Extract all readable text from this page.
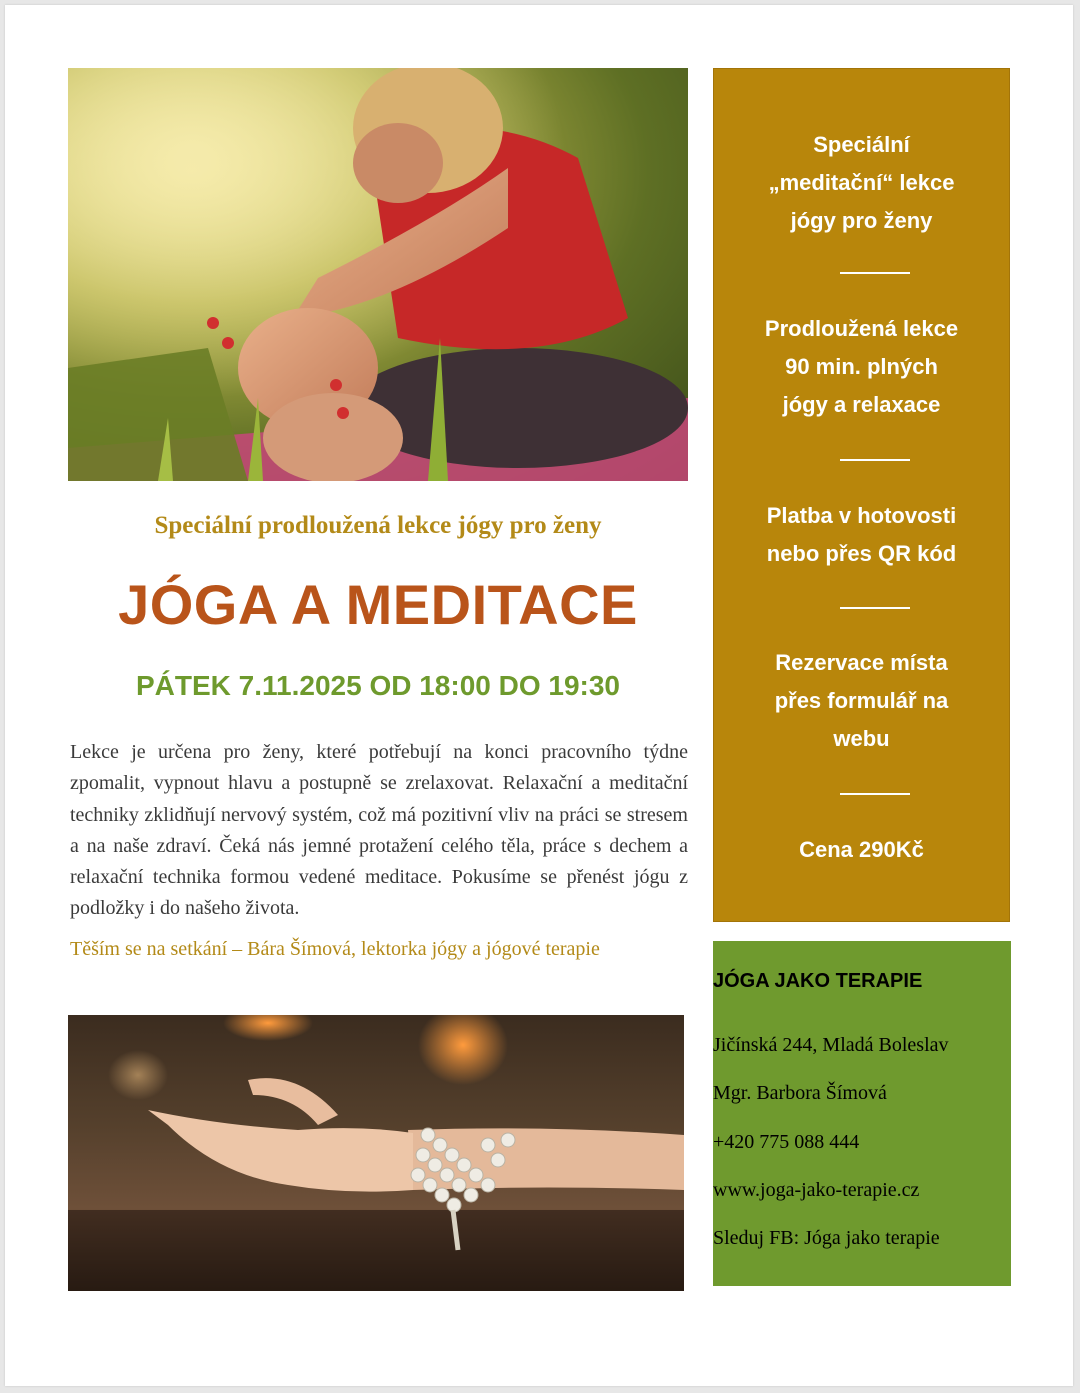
Speciální prodloužená lekce jógy pro ženy
JÓGA A MEDITACE
PÁTEK 7.11.2025 OD 18:00 DO 19:30
Lekce je určena pro ženy, které potřebují na konci pracovního týdne zpomalit, vypnout hlavu a postupně se zrelaxovat. Relaxační a meditační techniky zklidňují nervový systém, což má pozitivní vliv na práci se stresem a na naše zdraví. Čeká nás jemné protažení celého těla, práce s dechem a relaxační technika formou vedené meditace. Pokusíme se přenést jógu z podložky i do našeho života.
Těším se na setkání – Bára Šímová, lektorka jógy a jógové terapie
Speciální
„meditační“ lekce
jógy pro ženy
Prodloužená lekce
90 min. plných
jógy a relaxace
Platba v hotovosti
nebo přes QR kód
Rezervace místa
přes formulář na
webu
Cena 290Kč
JÓGA JAKO TERAPIE
Jičínská 244, Mladá Boleslav
Mgr. Barbora Šímová
+420 775 088 444
www.joga-jako-terapie.cz
Sleduj FB: Jóga jako terapie
